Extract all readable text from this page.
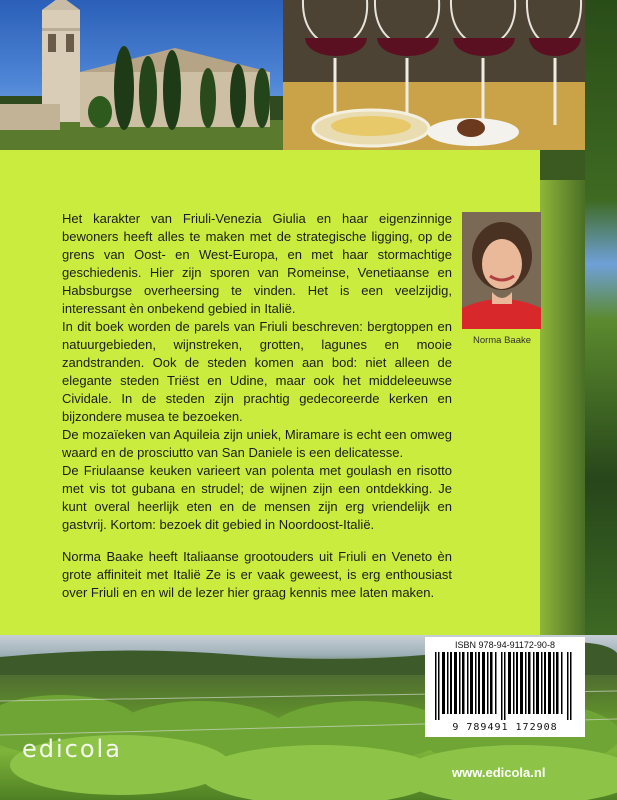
Het karakter van Friuli-Venezia Giulia en haar eigenzinnige bewoners heeft alles te maken met de strategische ligging, op de grens van Oost- en West-Europa, en met haar stormachtige geschiedenis. Hier zijn sporen van Romeinse, Venetiaanse en Habsburgse overheersing te vinden. Het is een veelzijdig, interessant èn onbekend gebied in Italië.

In dit boek worden de parels van Friuli beschreven: bergtoppen en natuurgebieden, wijnstreken, grotten, lagunes en mooie zandstranden. Ook de steden komen aan bod: niet alleen de elegante steden Triëst en Udine, maar ook het middeleeuwse Cividale. In de steden zijn prachtig gedecoreerde kerken en bijzondere musea te bezoeken.

De mozaïeken van Aquileia zijn uniek, Miramare is echt een omweg waard en de prosciutto van San Daniele is een delicatesse.

De Friulaanse keuken varieert van polenta met goulash en risotto met vis tot gubana en strudel; de wijnen zijn een ontdekking. Je kunt overal heerlijk eten en de mensen zijn erg vriendelijk en gastvrij. Kortom: bezoek dit gebied in Noordoost-Italië.

Norma Baake heeft Italiaanse grootouders uit Friuli en Veneto èn grote affiniteit met Italië Ze is er vaak geweest, is erg enthousiast over Friuli en en wil de lezer hier graag kennis mee laten maken.

Norma Baake
ISBN 978-94-91172-90-8
9 789491 172908
edicola
www.edicola.nl
